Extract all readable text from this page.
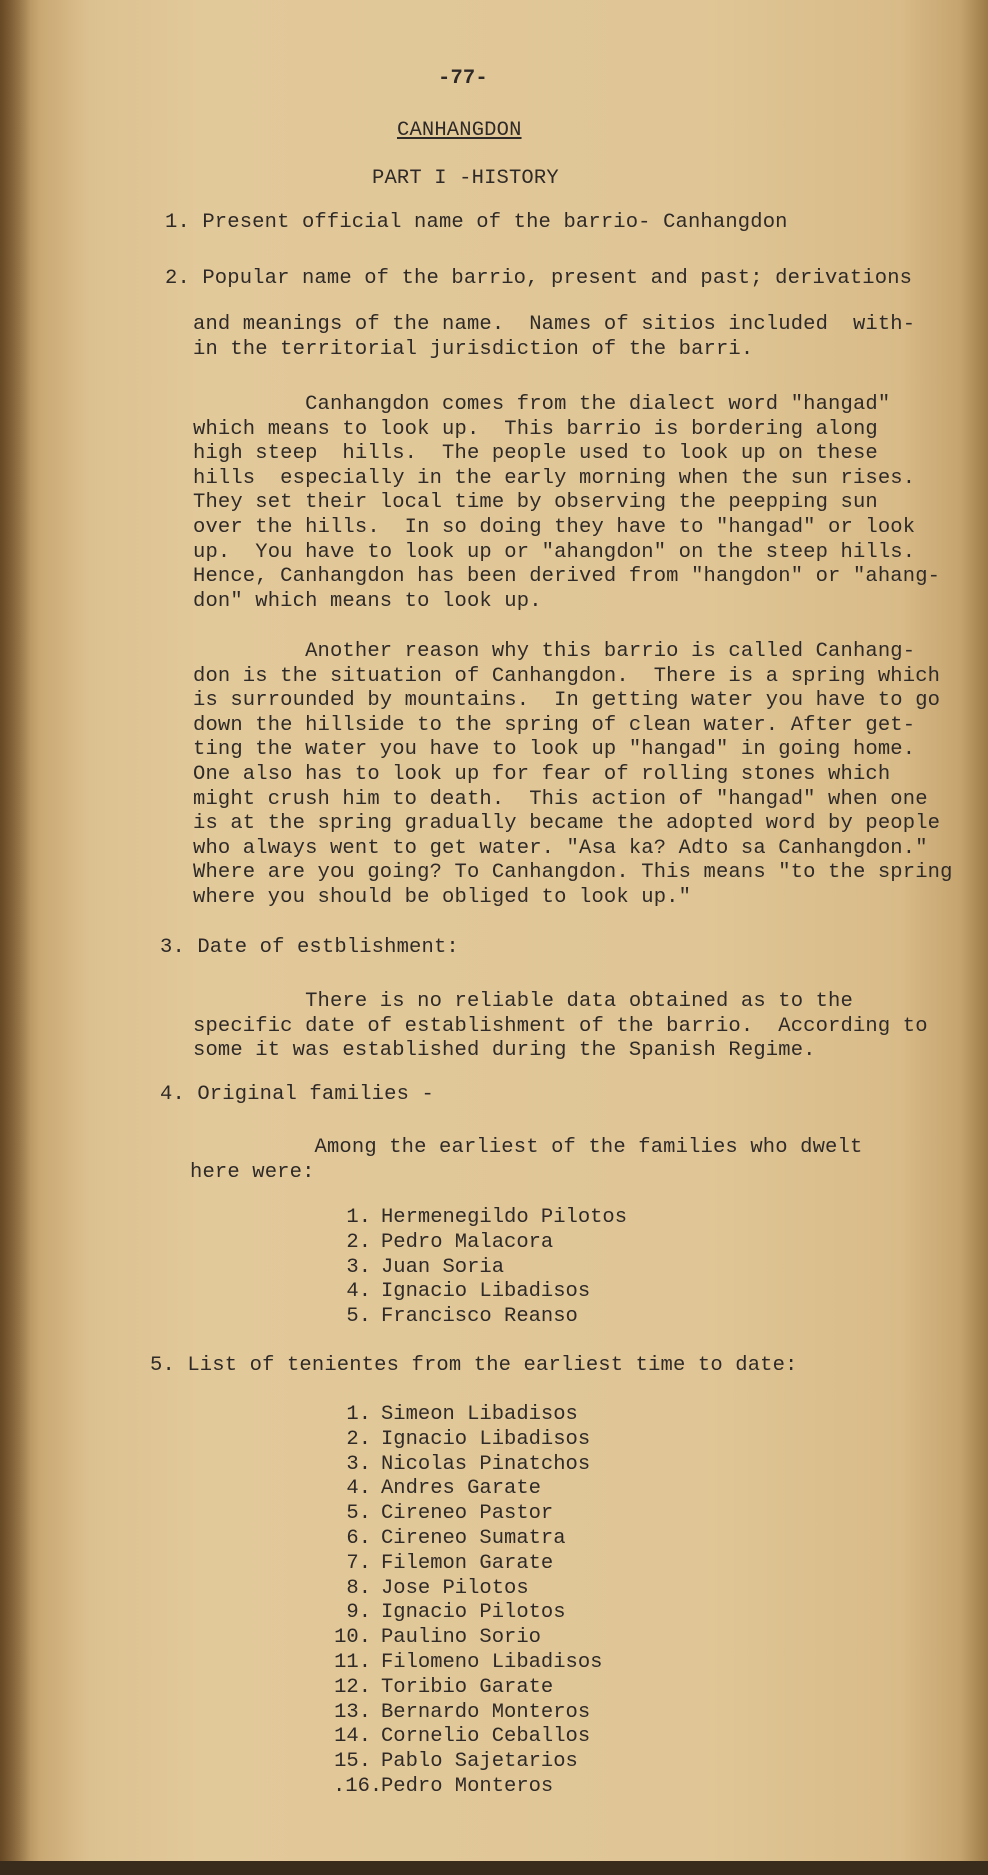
-77-
CANHANGDON
PART I -HISTORY
1. Present official name of the barrio- Canhangdon
2. Popular name of the barrio, present and past; derivations
and meanings of the name.  Names of sitios included  with-
in the territorial jurisdiction of the barri.
Canhangdon comes from the dialect word "hangad"
which means to look up.  This barrio is bordering along
high steep  hills.  The people used to look up on these
hills  especially in the early morning when the sun rises.
They set their local time by observing the peepping sun
over the hills.  In so doing they have to "hangad" or look
up.  You have to look up or "ahangdon" on the steep hills.
Hence, Canhangdon has been derived from "hangdon" or "ahang-
don" which means to look up.
Another reason why this barrio is called Canhang-
don is the situation of Canhangdon.  There is a spring which
is surrounded by mountains.  In getting water you have to go
down the hillside to the spring of clean water. After get-
ting the water you have to look up "hangad" in going home.
One also has to look up for fear of rolling stones which
might crush him to death.  This action of "hangad" when one
is at the spring gradually became the adopted word by people
who always went to get water. "Asa ka? Adto sa Canhangdon."
Where are you going? To Canhangdon. This means "to the spring
where you should be obliged to look up."
3. Date of estblishment:
There is no reliable data obtained as to the
specific date of establishment of the barrio.  According to
some it was established during the Spanish Regime.
4. Original families -
Among the earliest of the families who dwelt
here were:
1. Hermenegildo Pilotos
2. Pedro Malacora
3. Juan Soria
4. Ignacio Libadisos
5. Francisco Reanso
5. List of tenientes from the earliest time to date:
1. Simeon Libadisos
2. Ignacio Libadisos
3. Nicolas Pinatchos
4. Andres Garate
5. Cireneo Pastor
6. Cireneo Sumatra
7. Filemon Garate
8. Jose Pilotos
9. Ignacio Pilotos
10. Paulino Sorio
11. Filomeno Libadisos
12. Toribio Garate
13. Bernardo Monteros
14. Cornelio Ceballos
15. Pablo Sajetarios
.16.Pedro Monteros
